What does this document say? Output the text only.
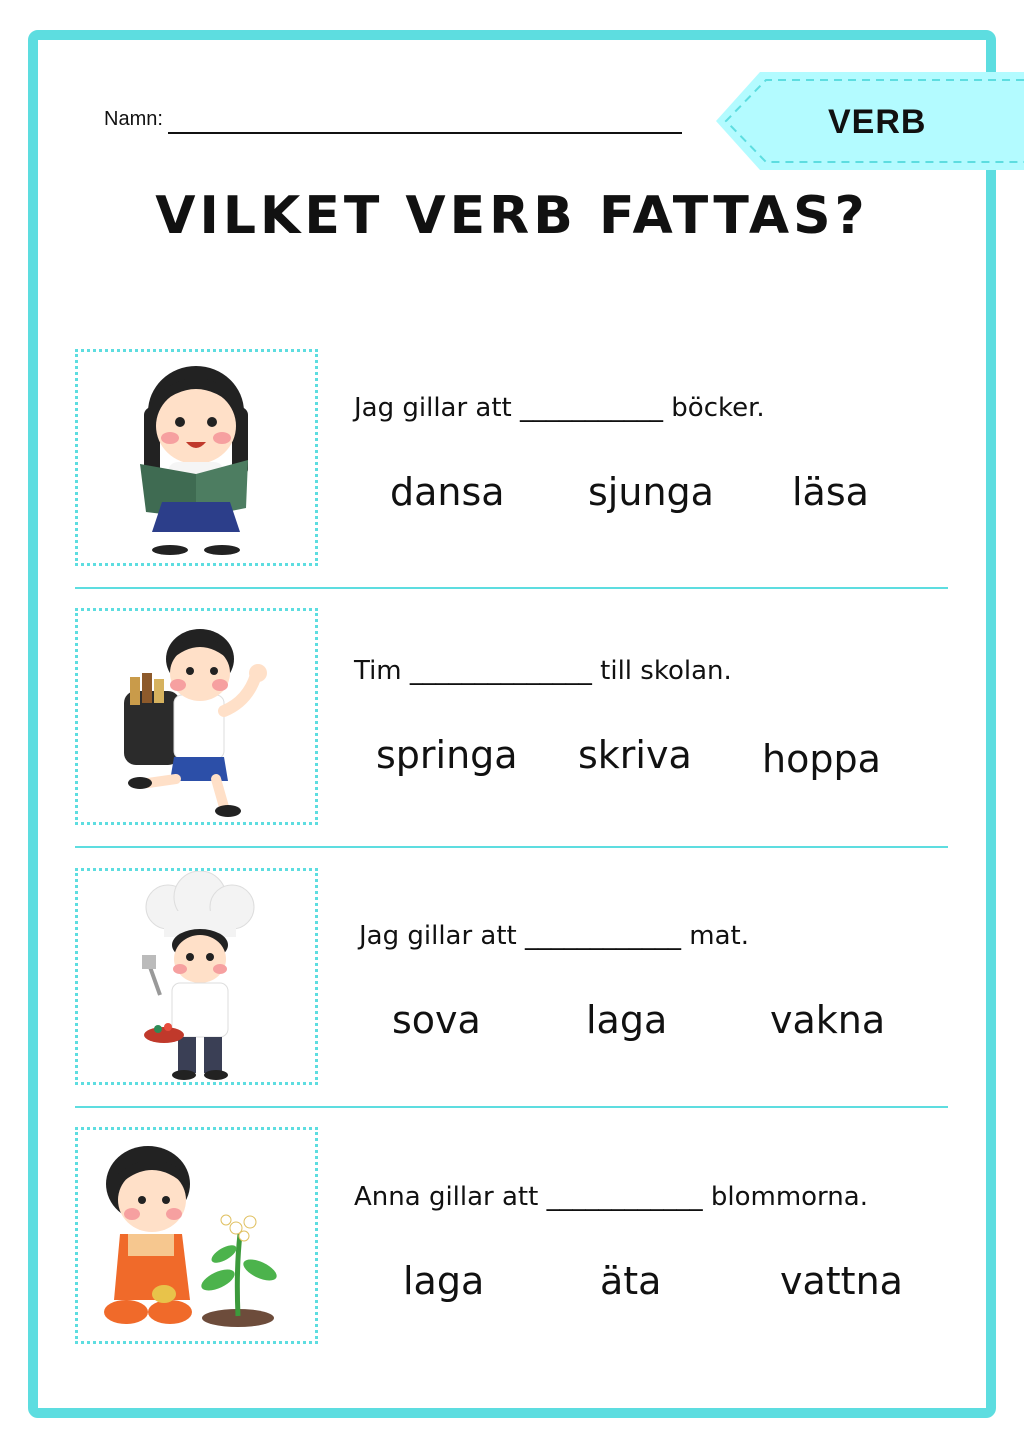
Namn:	VERB
VILKET VERB FATTAS?
Jag gillar att ___________ böcker.
dansa sjunga läsa
Tim ______________ till skolan.
springa skriva hoppa
Jag gillar att ____________ mat.
sova	laga	vakna
Anna gillar att ____________ blommorna.
laga	äta	vattna
